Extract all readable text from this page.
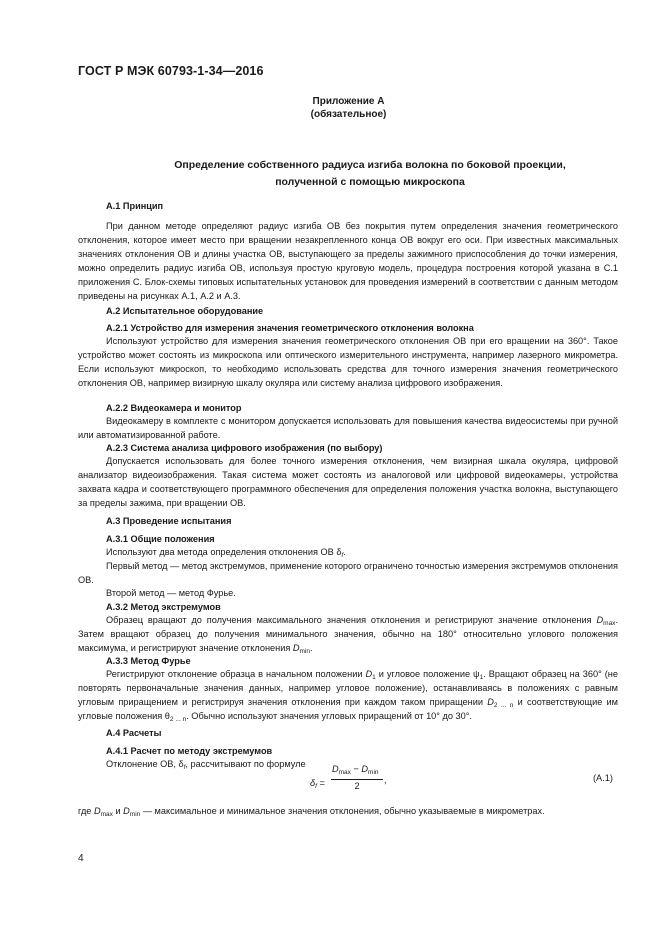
ГОСТ Р МЭК 60793-1-34—2016
Приложение А
(обязательное)
Определение собственного радиуса изгиба волокна по боковой проекции,
полученной с помощью микроскопа
А.1 Принцип
При данном методе определяют радиус изгиба ОВ без покрытия путем определения значения геометрического отклонения, которое имеет место при вращении незакрепленного конца ОВ вокруг его оси. При известных максимальных значениях отклонения ОВ и длины участка ОВ, выступающего за пределы зажимного приспособления до точки измерения, можно определить радиус изгиба ОВ, используя простую круговую модель, процедура построения которой указана в С.1 приложения С. Блок-схемы типовых испытательных установок для проведения измерений в соответствии с данным методом приведены на рисунках А.1, А.2 и А.3.
А.2 Испытательное оборудование
А.2.1 Устройство для измерения значения геометрического отклонения волокна
Используют устройство для измерения значения геометрического отклонения ОВ при его вращении на 360°. Такое устройство может состоять из микроскопа или оптического измерительного инструмента, например лазерного микрометра. Если используют микроскоп, то необходимо использовать средства для точного измерения значения геометрического отклонения ОВ, например визирную шкалу окуляра или систему анализа цифрового изображения.
А.2.2 Видеокамера и монитор
Видеокамеру в комплекте с монитором допускается использовать для повышения качества видеосистемы при ручной или автоматизированной работе.
А.2.3 Система анализа цифрового изображения (по выбору)
Допускается использовать для более точного измерения отклонения, чем визирная шкала окуляра, цифровой анализатор видеоизображения. Такая система может состоять из аналоговой или цифровой видеокамеры, устройства захвата кадра и соответствующего программного обеспечения для определения положения участка волокна, выступающего за пределы зажима, при вращении ОВ.
А.3 Проведение испытания
А.3.1 Общие положения
Используют два метода определения отклонения ОВ $\delta_f$.
Первый метод — метод экстремумов, применение которого ограничено точностью измерения экстремумов отклонения ОВ.
Второй метод — метод Фурье.
А.3.2 Метод экстремумов
Образец вращают до получения максимального значения отклонения и регистрируют значение отклонения $D_{max}$. Затем вращают образец до получения минимального значения, обычно на 180° относительно углового положения максимума, и регистрируют значение отклонения $D_{min}$.
А.3.3 Метод Фурье
Регистрируют отклонение образца в начальном положении $D_1$ и угловое положение $\psi_1$. Вращают образец на 360° (не повторять первоначальные значения данных, например угловое положение), останавливаясь в положениях с равным угловым приращением и регистрируя значения отклонения при каждом таком приращении $D_{2 ... n}$ и соответствующие им угловые положения $\theta_{2 ... n}$. Обычно используют значения угловых приращений от 10° до 30°.
А.4 Расчеты
А.4.1 Расчет по методу экстремумов
Отклонение ОВ, $\delta_f$, рассчитывают по формуле
$\delta_f$ =
$D_{max} - D_{min}$
2
,	(А.1)
где $D_{max}$ и $D_{min}$ — максимальное и минимальное значения отклонения, обычно указываемые в микрометрах.
4
